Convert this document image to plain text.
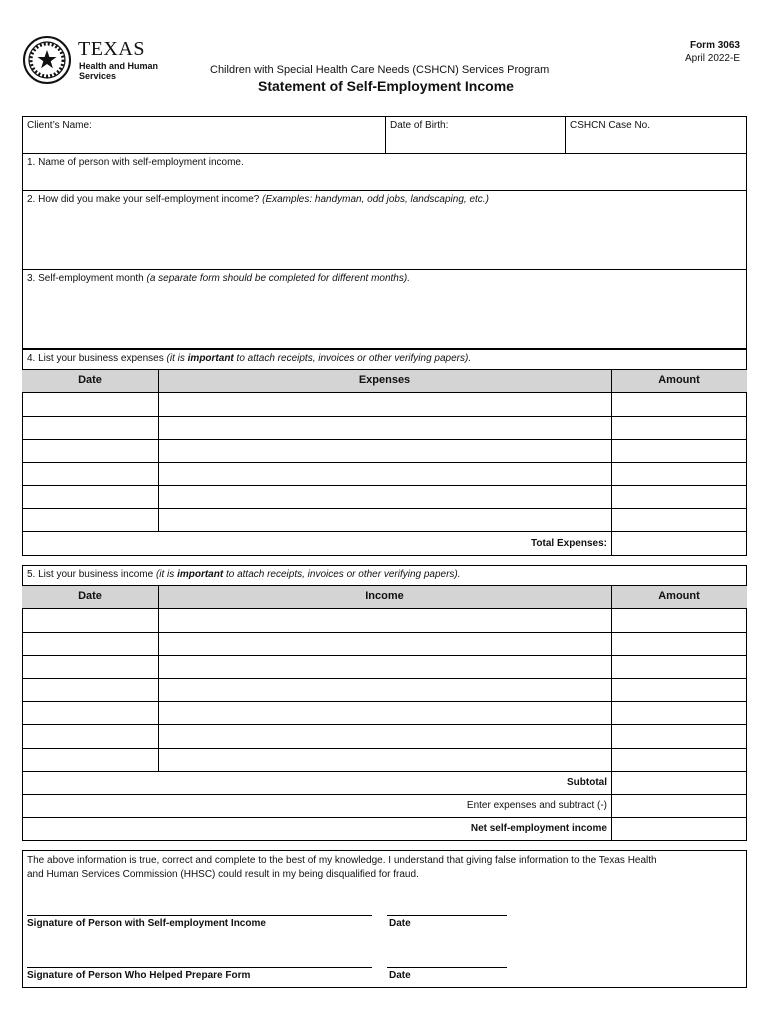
TEXAS
Health and Human
Services	Children with Special Health Care Needs (CSHCN) Services Program
Statement of Self-Employment Income
Form 3063
April 2022-E
Client’s Name:	Date of Birth:	CSHCN Case No.
1. Name of person with self-employment income.
2. How did you make your self-employment income? (Examples: handyman, odd jobs, landscaping, etc.)
3. Self-employment month (a separate form should be completed for different months).
4. List your business expenses (it is important to attach receipts, invoices or other verifying papers).
Date	Expenses	Amount
Total Expenses:
5. List your business income (it is important to attach receipts, invoices or other verifying papers).
Date	Income	Amount
Subtotal
Enter expenses and subtract (-)
Net self-employment income
The above information is true, correct and complete to the best of my knowledge. I understand that giving false information to the Texas Health
and Human Services Commission (HHSC) could result in my being disqualified for fraud.
Signature of Person with Self-employment Income	Date
Signature of Person Who Helped Prepare Form	Date
